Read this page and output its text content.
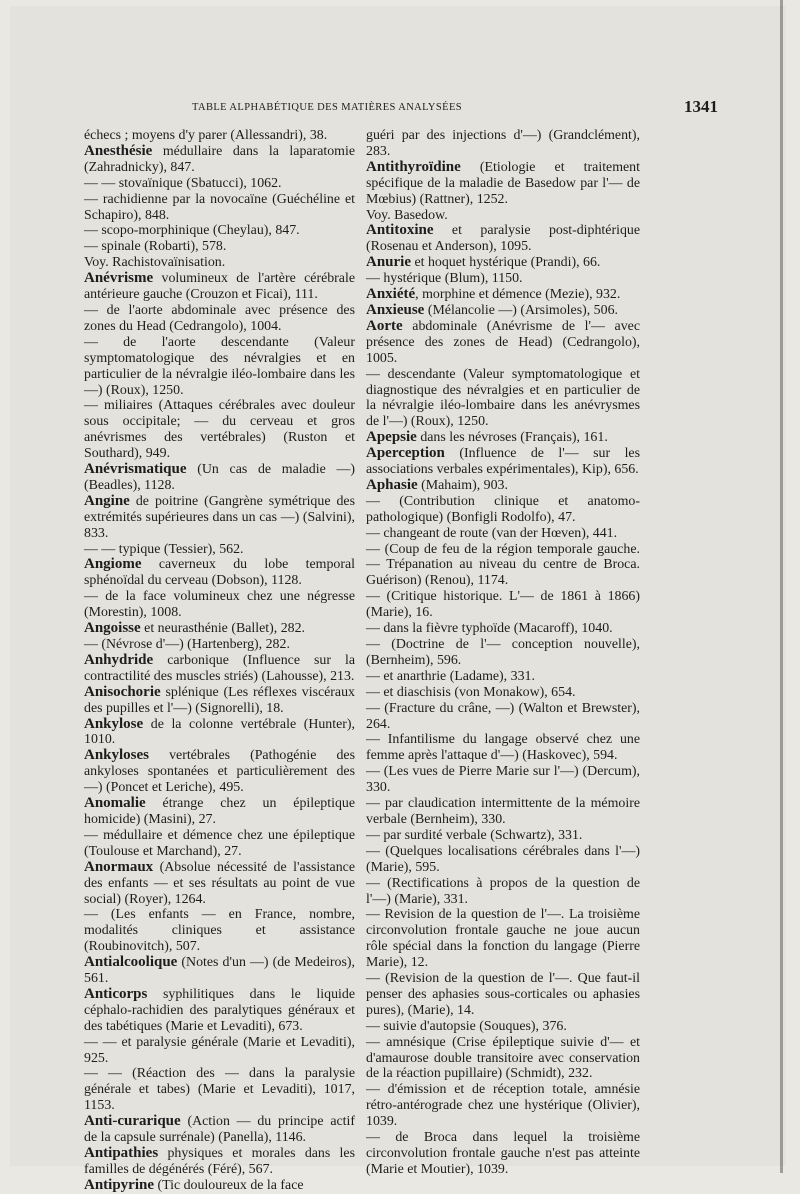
TABLE ALPHABÉTIQUE DES MATIÈRES ANALYSÉES	1341
échecs ; moyens d'y parer (Allessandri), 38.
Anesthésie médullaire dans la laparatomie (Zahradnicky), 847.
— — stovaïnique (Sbatucci), 1062.
— rachidienne par la novocaïne (Guéchéline et Schapiro), 848.
— scopo-morphinique (Cheylau), 847.
— spinale (Robarti), 578.
Voy. Rachistovaïnisation.
Anévrisme volumineux de l'artère cérébrale antérieure gauche (Crouzon et Ficai), 111.
— de l'aorte abdominale avec présence des zones du Head (Cedrangolo), 1004.
— de l'aorte descendante (Valeur symptomatologique des névralgies et en particulier de la névralgie iléo-lombaire dans les —) (Roux), 1250.
— miliaires (Attaques cérébrales avec douleur sous occipitale; — du cerveau et gros anévrismes des vertébrales) (Ruston et Southard), 949.
Anévrismatique (Un cas de maladie —) (Beadles), 1128.
Angine de poitrine (Gangrène symétrique des extrémités supérieures dans un cas —) (Salvini), 833.
— — typique (Tessier), 562.
Angiome caverneux du lobe temporal sphénoïdal du cerveau (Dobson), 1128.
— de la face volumineux chez une négresse (Morestin), 1008.
Angoisse et neurasthénie (Ballet), 282.
— (Névrose d'—) (Hartenberg), 282.
Anhydride carbonique (Influence sur la contractilité des muscles striés) (Lahousse), 213.
Anisochorie splénique (Les réflexes viscéraux des pupilles et l'—) (Signorelli), 18.
Ankylose de la colonne vertébrale (Hunter), 1010.
Ankyloses vertébrales (Pathogénie des ankyloses spontanées et particulièrement des —) (Poncet et Leriche), 495.
Anomalie étrange chez un épileptique homicide) (Masini), 27.
— médullaire et démence chez une épileptique (Toulouse et Marchand), 27.
Anormaux (Absolue nécessité de l'assistance des enfants — et ses résultats au point de vue social) (Royer), 1264.
— (Les enfants — en France, nombre, modalités cliniques et assistance (Roubinovitch), 507.
Antialcoolique (Notes d'un —) (de Medeiros), 561.
Anticorps syphilitiques dans le liquide céphalo-rachidien des paralytiques généraux et des tabétiques (Marie et Levaditi), 673.
— — et paralysie générale (Marie et Levaditi), 925.
— — (Réaction des — dans la paralysie générale et tabes) (Marie et Levaditi), 1017, 1153.
Anti-curarique (Action — du principe actif de la capsule surrénale) (Panella), 1146.
Antipathies physiques et morales dans les familles de dégénérés (Féré), 567.
Antipyrine (Tic douloureux de la face
guéri par des injections d'—) (Grandclément), 283.
Antithyroïdine (Etiologie et traitement spécifique de la maladie de Basedow par l'— de Mœbius) (Rattner), 1252.
Voy. Basedow.
Antitoxine et paralysie post-diphtérique (Rosenau et Anderson), 1095.
Anurie et hoquet hystérique (Prandi), 66.
— hystérique (Blum), 1150.
Anxiété, morphine et démence (Mezie), 932.
Anxieuse (Mélancolie —) (Arsimoles), 506.
Aorte abdominale (Anévrisme de l'— avec présence des zones de Head) (Cedrangolo), 1005.
— descendante (Valeur symptomatologique et diagnostique des névralgies et en particulier de la névralgie iléo-lombaire dans les anévrysmes de l'—) (Roux), 1250.
Apepsie dans les névroses (Français), 161.
Aperception (Influence de l'— sur les associations verbales expérimentales), Kip), 656.
Aphasie (Mahaim), 903.
— (Contribution clinique et anatomo-pathologique) (Bonfigli Rodolfo), 47.
— changeant de route (van der Hœven), 441.
— (Coup de feu de la région temporale gauche. — Trépanation au niveau du centre de Broca. Guérison) (Renou), 1174.
— (Critique historique. L'— de 1861 à 1866) (Marie), 16.
— dans la fièvre typhoïde (Macaroff), 1040.
— (Doctrine de l'— conception nouvelle), (Bernheim), 596.
— et anarthrie (Ladame), 331.
— et diaschisis (von Monakow), 654.
— (Fracture du crâne, —) (Walton et Brewster), 264.
— Infantilisme du langage observé chez une femme après l'attaque d'—) (Haskovec), 594.
— (Les vues de Pierre Marie sur l'—) (Dercum), 330.
— par claudication intermittente de la mémoire verbale (Bernheim), 330.
— par surdité verbale (Schwartz), 331.
— (Quelques localisations cérébrales dans l'—) (Marie), 595.
— (Rectifications à propos de la question de l'—) (Marie), 331.
— Revision de la question de l'—. La troisième circonvolution frontale gauche ne joue aucun rôle spécial dans la fonction du langage (Pierre Marie), 12.
— (Revision de la question de l'—. Que faut-il penser des aphasies sous-corticales ou aphasies pures), (Marie), 14.
— suivie d'autopsie (Souques), 376.
— amnésique (Crise épileptique suivie d'— et d'amaurose double transitoire avec conservation de la réaction pupillaire) (Schmidt), 232.
— d'émission et de réception totale, amnésie rétro-antérograde chez une hystérique (Olivier), 1039.
— de Broca dans lequel la troisième circonvolution frontale gauche n'est pas atteinte (Marie et Moutier), 1039.
